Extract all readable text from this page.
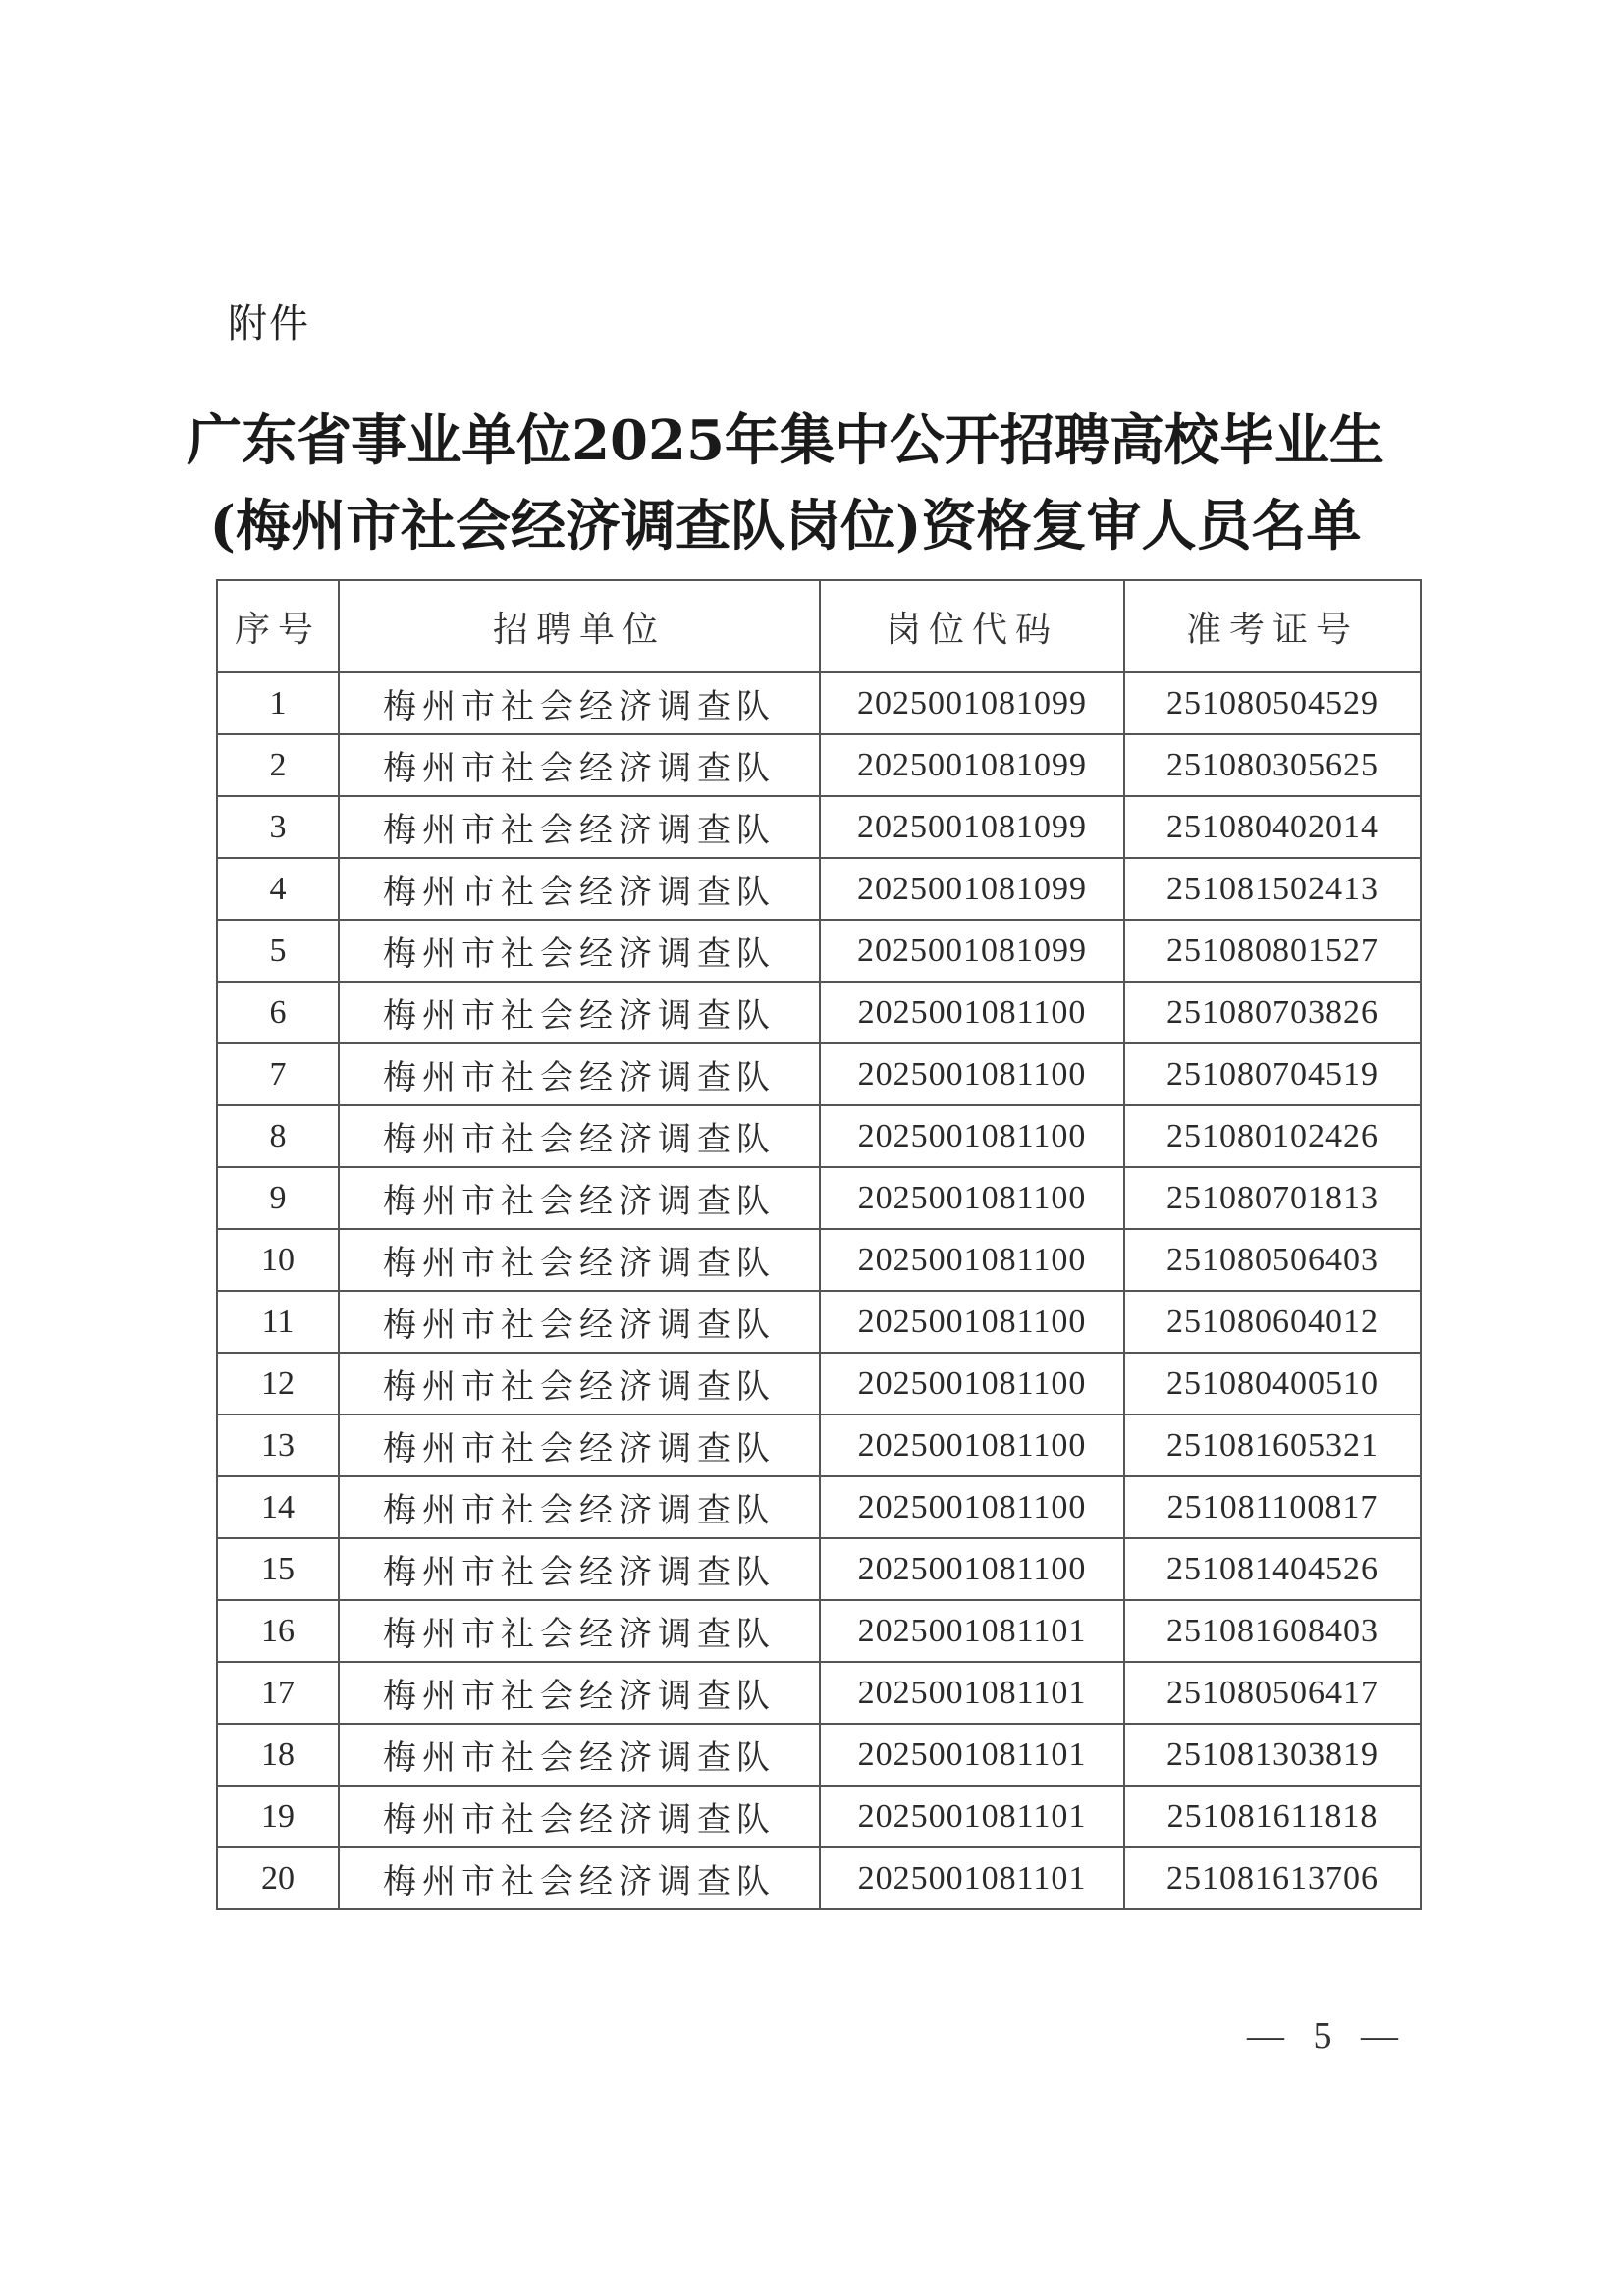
附件
广东省事业单位2025年集中公开招聘高校毕业生
(梅州市社会经济调查队岗位)资格复审人员名单
序号	招聘单位	岗位代码	准考证号
1	梅州市社会经济调查队	2025001081099	251080504529
2	梅州市社会经济调查队	2025001081099	251080305625
3	梅州市社会经济调查队	2025001081099	251080402014
4	梅州市社会经济调查队	2025001081099	251081502413
5	梅州市社会经济调查队	2025001081099	251080801527
6	梅州市社会经济调查队	2025001081100	251080703826
7	梅州市社会经济调查队	2025001081100	251080704519
8	梅州市社会经济调查队	2025001081100	251080102426
9	梅州市社会经济调查队	2025001081100	251080701813
10	梅州市社会经济调查队	2025001081100	251080506403
11	梅州市社会经济调查队	2025001081100	251080604012
12	梅州市社会经济调查队	2025001081100	251080400510
13	梅州市社会经济调查队	2025001081100	251081605321
14	梅州市社会经济调查队	2025001081100	251081100817
15	梅州市社会经济调查队	2025001081100	251081404526
16	梅州市社会经济调查队	2025001081101	251081608403
17	梅州市社会经济调查队	2025001081101	251080506417
18	梅州市社会经济调查队	2025001081101	251081303819
19	梅州市社会经济调查队	2025001081101	251081611818
20	梅州市社会经济调查队	2025001081101	251081613706
— 5 —
